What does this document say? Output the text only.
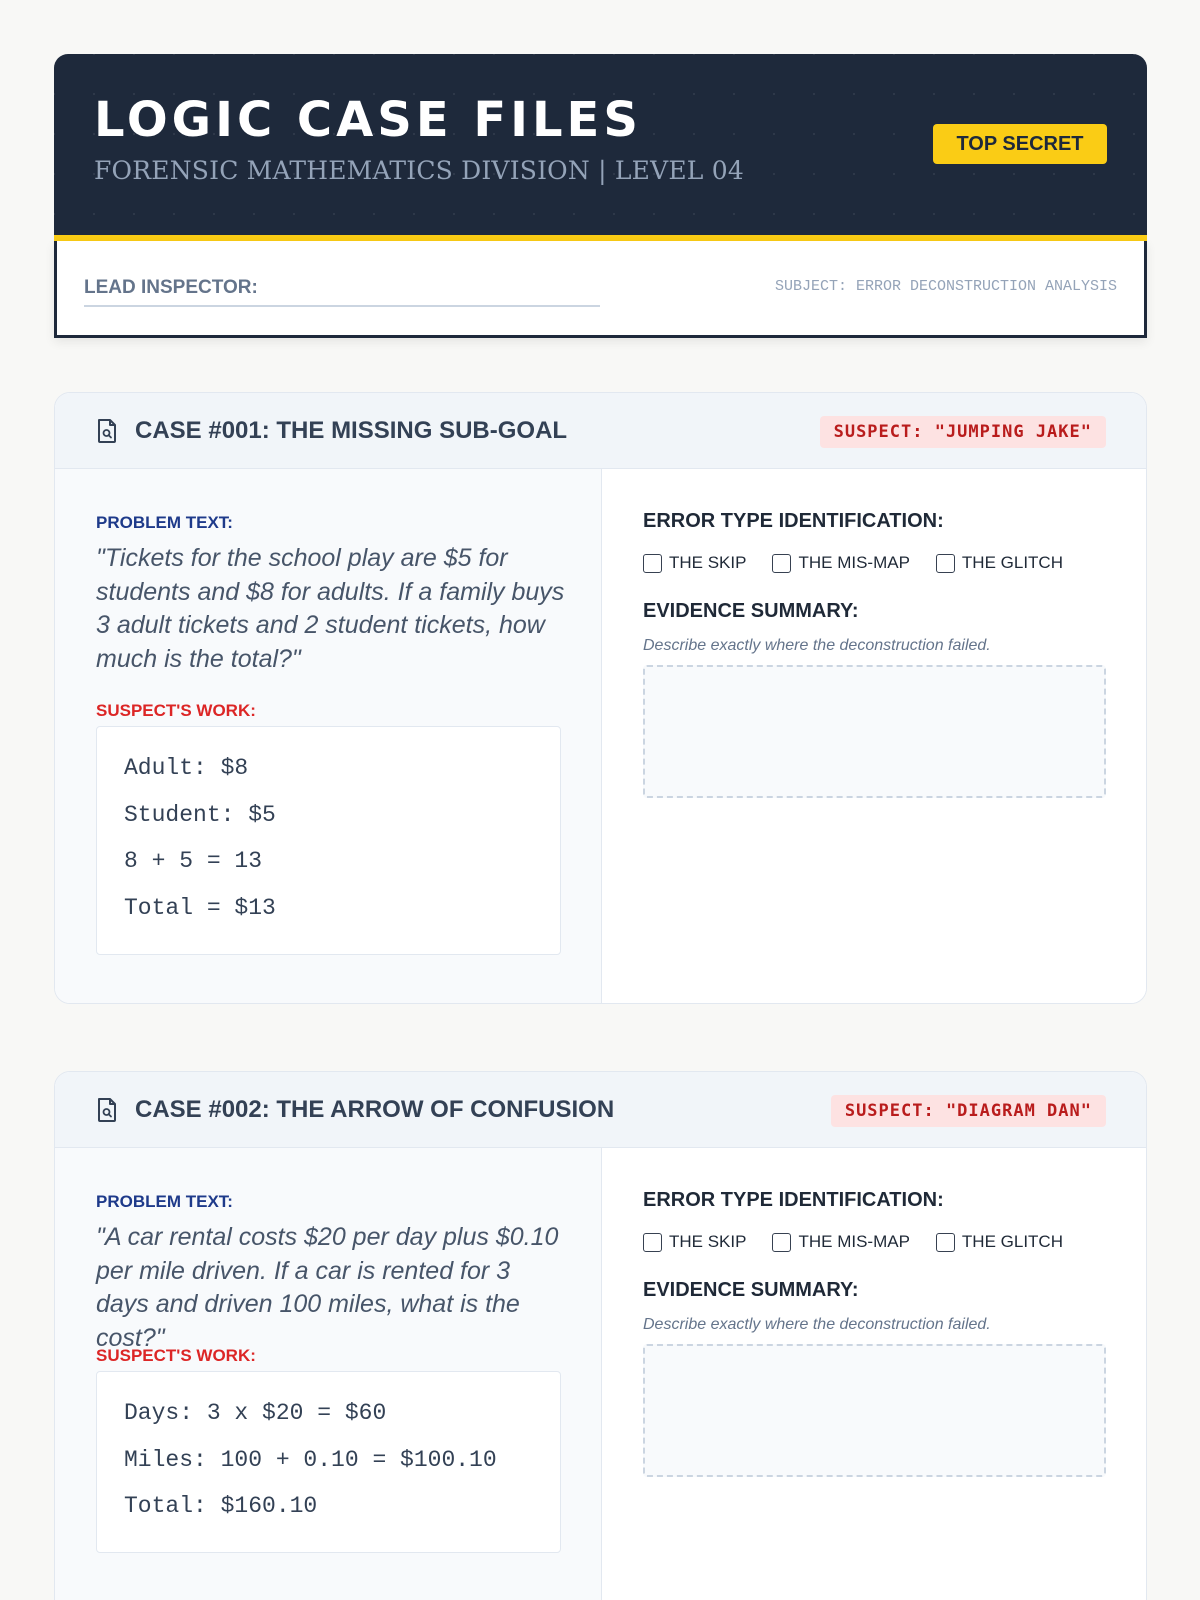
LOGIC CASE FILES
FORENSIC MATHEMATICS DIVISION | LEVEL 04
TOP SECRET
LEAD INSPECTOR:	SUBJECT: ERROR DECONSTRUCTION ANALYSIS
CASE #001: THE MISSING SUB-GOAL	SUSPECT: "JUMPING JAKE"
PROBLEM TEXT:
"Tickets for the school play are $5 for students and $8 for adults. If a family buys 3 adult tickets and 2 student tickets, how much is the total?"
SUSPECT'S WORK:
Adult: $8
Student: $5
8 + 5 = 13
Total = $13
ERROR TYPE IDENTIFICATION:
THE SKIP	THE MIS-MAP	THE GLITCH
EVIDENCE SUMMARY:
Describe exactly where the deconstruction failed.
CASE #002: THE ARROW OF CONFUSION	SUSPECT: "DIAGRAM DAN"
PROBLEM TEXT:
"A car rental costs $20 per day plus $0.10 per mile driven. If a car is rented for 3 days and driven 100 miles, what is the cost?"
SUSPECT'S WORK:
Days: 3 x $20 = $60
Miles: 100 + 0.10 = $100.10
Total: $160.10
ERROR TYPE IDENTIFICATION:
THE SKIP	THE MIS-MAP	THE GLITCH
EVIDENCE SUMMARY:
Describe exactly where the deconstruction failed.
